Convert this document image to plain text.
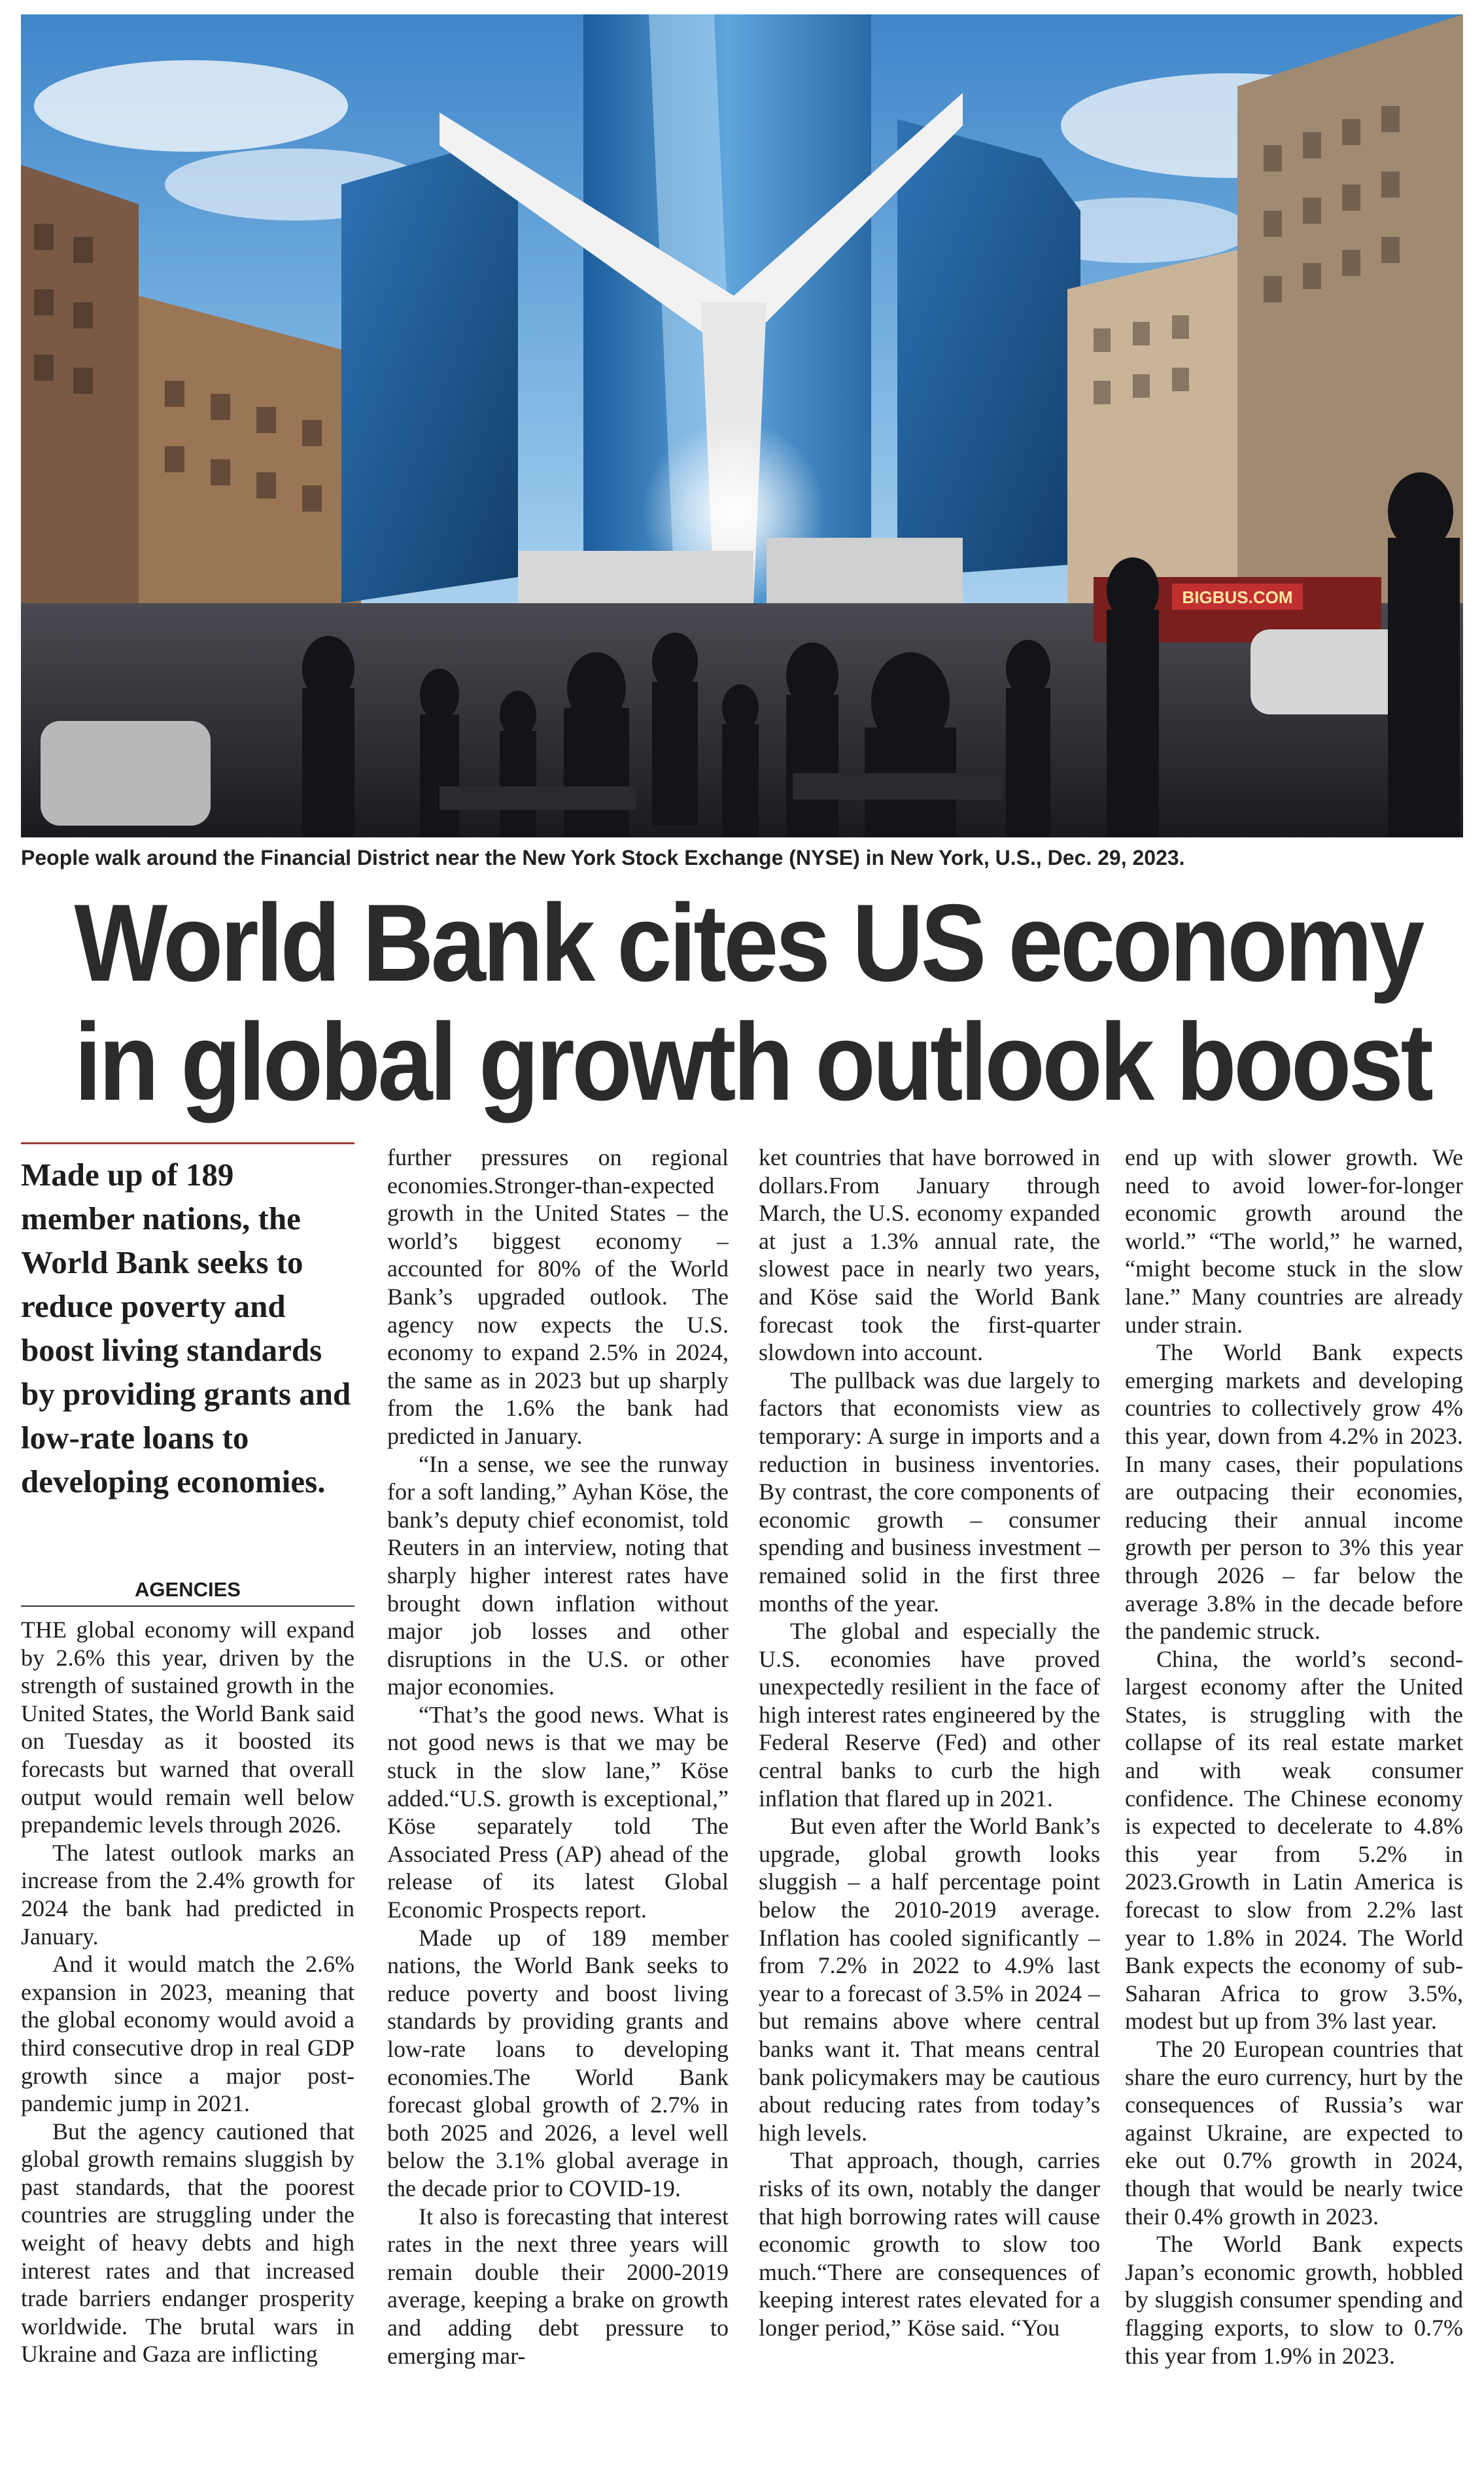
BIGBUS.COM
People walk around the Financial District near the New York Stock Exchange (NYSE) in New York, U.S., Dec. 29, 2023.
World Bank cites US economy
in global growth outlook boost
Made up of 189 member nations, the World Bank seeks to reduce poverty and boost living standards by providing grants and low-rate loans to developing economies.
AGENCIES

THE global economy will expand by 2.6% this year, driven by the strength of sustained growth in the United States, the World Bank said on Tuesday as it boosted its forecasts but warned that overall output would remain well below prepandemic levels through 2026.

The latest outlook marks an increase from the 2.4% growth for 2024 the bank had predicted in January.

And it would match the 2.6% expansion in 2023, meaning that the global economy would avoid a third consecutive drop in real GDP growth since a major post-pandemic jump in 2021.

But the agency cautioned that global growth remains sluggish by past standards, that the poorest countries are struggling under the weight of heavy debts and high interest rates and that increased trade barriers endanger prosperity worldwide. The brutal wars in Ukraine and Gaza are inflicting

further pressures on regional economies.Stronger-than-expected growth in the United States – the world’s biggest economy – accounted for 80% of the World Bank’s upgraded outlook. The agency now expects the U.S. economy to expand 2.5% in 2024, the same as in 2023 but up sharply from the 1.6% the bank had predicted in January.

“In a sense, we see the runway for a soft landing,” Ayhan Köse, the bank’s deputy chief economist, told Reuters in an interview, noting that sharply higher interest rates have brought down inflation without major job losses and other disruptions in the U.S. or other major economies.

“That’s the good news. What is not good news is that we may be stuck in the slow lane,” Köse added.“U.S. growth is exceptional,” Köse separately told The Associated Press (AP) ahead of the release of its latest Global Economic Prospects report.

Made up of 189 member nations, the World Bank seeks to reduce poverty and boost living standards by providing grants and low-rate loans to developing economies.The World Bank forecast global growth of 2.7% in both 2025 and 2026, a level well below the 3.1% global average in the decade prior to COVID-19.

It also is forecasting that interest rates in the next three years will remain double their 2000-2019 average, keeping a brake on growth and adding debt pressure to emerging mar-

ket countries that have borrowed in dollars.From January through March, the U.S. economy expanded at just a 1.3% annual rate, the slowest pace in nearly two years, and Köse said the World Bank forecast took the first-quarter slowdown into account.

The pullback was due largely to factors that economists view as temporary: A surge in imports and a reduction in business inventories. By contrast, the core components of economic growth – consumer spending and business investment – remained solid in the first three months of the year.

The global and especially the U.S. economies have proved unexpectedly resilient in the face of high interest rates engineered by the Federal Reserve (Fed) and other central banks to curb the high inflation that flared up in 2021.

But even after the World Bank’s upgrade, global growth looks sluggish – a half percentage point below the 2010-2019 average. Inflation has cooled significantly – from 7.2% in 2022 to 4.9% last year to a forecast of 3.5% in 2024 – but remains above where central banks want it. That means central bank policymakers may be cautious about reducing rates from today’s high levels.

That approach, though, carries risks of its own, notably the danger that high borrowing rates will cause economic growth to slow too much.“There are consequences of keeping interest rates elevated for a longer period,” Köse said. “You

end up with slower growth. We need to avoid lower-for-longer economic growth around the world.” “The world,” he warned, “might become stuck in the slow lane.” Many countries are already under strain.

The World Bank expects emerging markets and developing countries to collectively grow 4% this year, down from 4.2% in 2023. In many cases, their populations are outpacing their economies, reducing their annual income growth per person to 3% this year through 2026 – far below the average 3.8% in the decade before the pandemic struck.

China, the world’s second-largest economy after the United States, is struggling with the collapse of its real estate market and with weak consumer confidence. The Chinese economy is expected to decelerate to 4.8% this year from 5.2% in 2023.Growth in Latin America is forecast to slow from 2.2% last year to 1.8% in 2024. The World Bank expects the economy of sub-Saharan Africa to grow 3.5%, modest but up from 3% last year.

The 20 European countries that share the euro currency, hurt by the consequences of Russia’s war against Ukraine, are expected to eke out 0.7% growth in 2024, though that would be nearly twice their 0.4% growth in 2023.

The World Bank expects Japan’s economic growth, hobbled by sluggish consumer spending and flagging exports, to slow to 0.7% this year from 1.9% in 2023.
